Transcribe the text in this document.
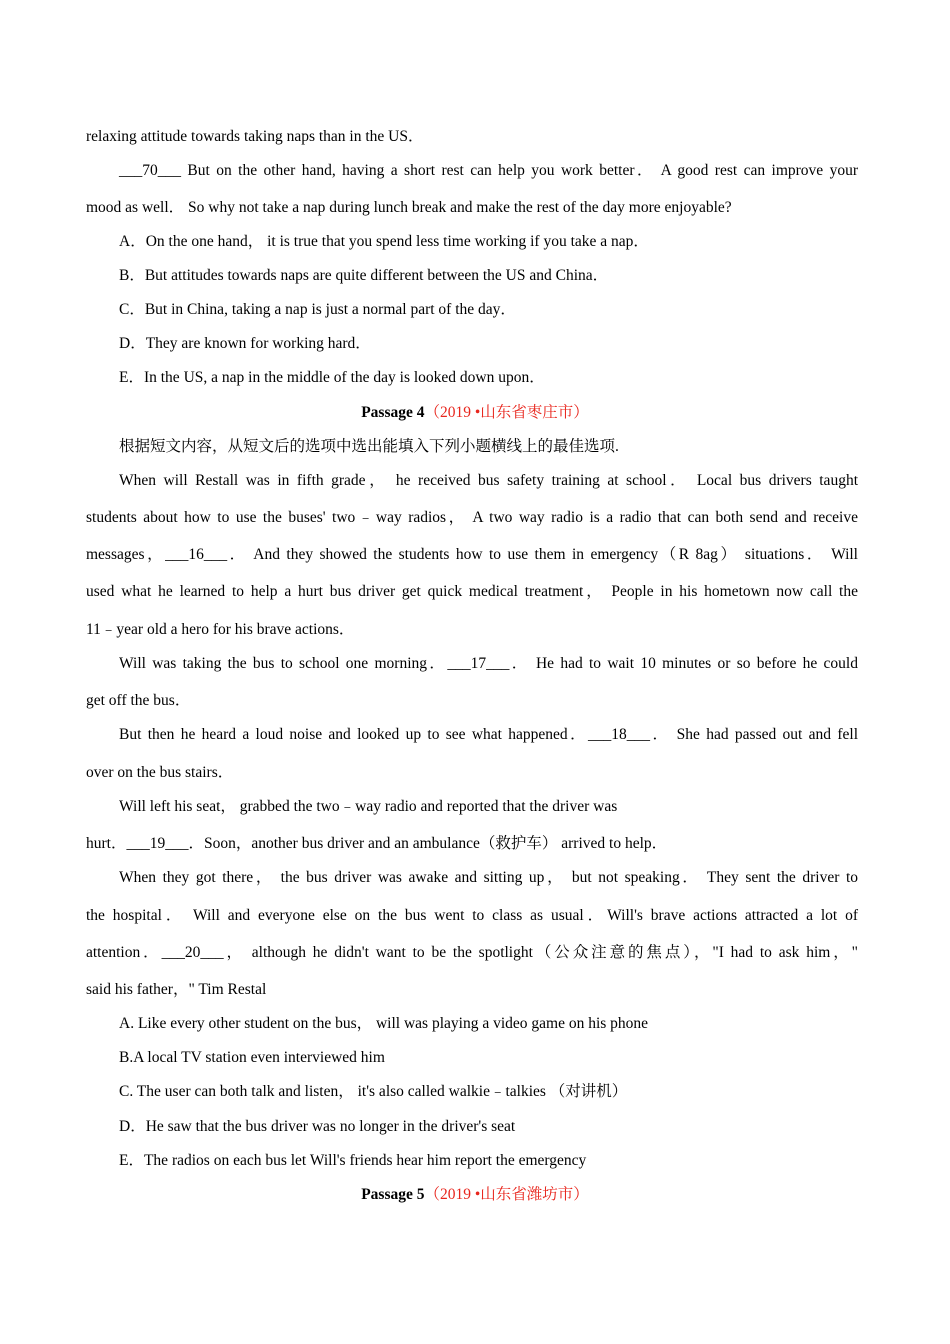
relaxing attitude towards taking naps than in the US．
___70___ But on the other hand, having a short rest can help you work better． A good rest can improve your
mood as well． So why not take a nap during lunch break and make the rest of the day more enjoyable?
A．On the one hand， it is true that you spend less time working if you take a nap．
B．But attitudes towards naps are quite different between the US and China．
C．But in China, taking a nap is just a normal part of the day．
D．They are known for working hard．
E．In the US, a nap in the middle of the day is looked down upon．
Passage 4（2019 •山东省枣庄市）
根据短文内容，从短文后的选项中选出能填入下列小题横线上的最佳选项.
When will Restall was in fifth grade， he received bus safety training at school． Local bus drivers taught
students about how to use the buses' two﹣way radios， A two way radio is a radio that can both send and receive
messages，___16___． And they showed the students how to use them in emergency（R 8ag） situations． Will
used what he learned to help a hurt bus driver get quick medical treatment， People in his hometown now call the
11﹣year old a hero for his brave actions．
Will was taking the bus to school one morning．___17___． He had to wait 10 minutes or so before he could
get off the bus．
But then he heard a loud noise and looked up to see what happened．___18___． She had passed out and fell
over on the bus stairs．
Will left his seat， grabbed the two﹣way radio and reported that the driver was
hurt．___19___．Soon，another bus driver and an ambulance（救护车） arrived to help．
When they got there， the bus driver was awake and sitting up， but not speaking． They sent the driver to
the hospital． Will and everyone else on the bus went to class as usual．Will's brave actions attracted a lot of
attention．___20___， although he didn't want to be the spotlight（公众注意的焦点），"I had to ask him，"
said his father，" Tim Restal
A. Like every other student on the bus， will was playing a video game on his phone
B.A local TV station even interviewed him
C. The user can both talk and listen， it's also called walkie﹣talkies （对讲机）
D．He saw that the bus driver was no longer in the driver's seat
E．The radios on each bus let Will's friends hear him report the emergency
Passage 5（2019 •山东省潍坊市）
